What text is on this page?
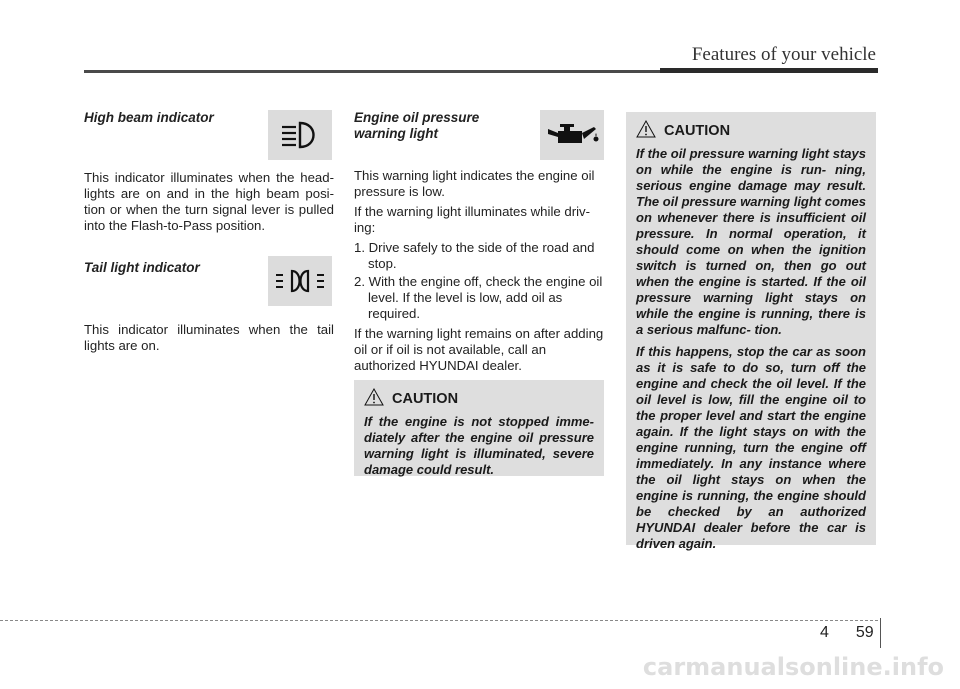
Features of your vehicle

High beam indicator

This indicator illuminates when the head- lights are on and in the high beam posi- tion or when the turn signal lever is pulled into the Flash-to-Pass position.

Tail light indicator

This indicator illuminates when the tail lights are on.

Engine oil pressure warning light

This warning light indicates the engine oil pressure is low.

If the warning light illuminates while driv- ing:

1. Drive safely to the side of the road and stop.

2. With the engine off, check the engine oil level. If the level is low, add oil as required.

If the warning light remains on after adding oil or if oil is not available, call an authorized HYUNDAI dealer.

CAUTION

If the engine is not stopped imme- diately after the engine oil pressure warning light is illuminated, severe damage could result.

CAUTION

If the oil pressure warning light stays on while the engine is run- ning, serious engine damage may result. The oil pressure warning light comes on whenever there is insufficient oil pressure. In normal operation, it should come on when the ignition switch is turned on, then go out when the engine is started. If the oil pressure warning light stays on while the engine is running, there is a serious malfunc- tion.

If this happens, stop the car as soon as it is safe to do so, turn off the engine and check the oil level. If the oil level is low, fill the engine oil to the proper level and start the engine again. If the light stays on with the engine running, turn the engine off immediately. In any instance where the oil light stays on when the engine is running, the engine should be checked by an authorized HYUNDAI dealer before the car is driven again.

4 59
carmanualsonline.info
